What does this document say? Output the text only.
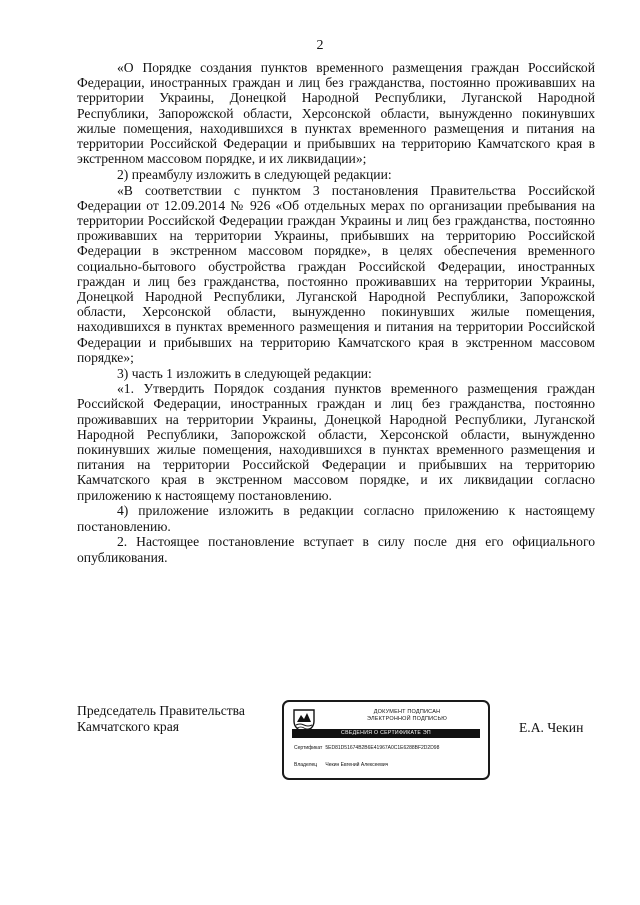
2

«О Порядке создания пунктов временного размещения граждан Российской Федерации, иностранных граждан и лиц без гражданства, постоянно проживавших на территории Украины, Донецкой Народной Республики, Луганской Народной Республики, Запорожской области, Херсонской области, вынужденно покинувших жилые помещения, находившихся в пунктах временного размещения и питания на территории Российской Федерации и прибывших на территорию Камчатского края в экстренном массовом порядке, и их ликвидации»;

2) преамбулу изложить в следующей редакции:

«В соответствии с пунктом 3 постановления Правительства Российской Федерации от 12.09.2014 № 926 «Об отдельных мерах по организации пребывания на территории Российской Федерации граждан Украины и лиц без гражданства, постоянно проживавших на территории Украины, прибывших на территорию Российской Федерации в экстренном массовом порядке», в целях обеспечения временного социально-бытового обустройства граждан Российской Федерации, иностранных граждан и лиц без гражданства, постоянно проживавших на территории Украины, Донецкой Народной Республики, Луганской Народной Республики, Запорожской области, Херсонской области, вынужденно покинувших жилые помещения, находившихся в пунктах временного размещения и питания на территории Российской Федерации и прибывших на территорию Камчатского края в экстренном массовом порядке»;

3) часть 1 изложить в следующей редакции:

«1. Утвердить Порядок создания пунктов временного размещения граждан Российской Федерации, иностранных граждан и лиц без гражданства, постоянно проживавших на территории Украины, Донецкой Народной Республики, Луганской Народной Республики, Запорожской области, Херсонской области, вынужденно покинувших жилые помещения, находившихся в пунктах временного размещения и питания на территории Российской Федерации и прибывших на территорию Камчатского края в экстренном массовом порядке, и их ликвидации согласно приложению к настоящему постановлению.

4) приложение изложить в редакции согласно приложению к настоящему постановлению.

2. Настоящее постановление вступает в силу после дня его официального опубликования.

Председатель Правительства
Камчатского края
ДОКУМЕНТ ПОДПИСАН
ЭЛЕКТРОННОЙ ПОДПИСЬЮ
СВЕДЕНИЯ О СЕРТИФИКАТЕ ЭП
Сертификат 5ED81D51674B2B6E41967A0C1E6288BF2D2D98
Владелец Чекин Евгений Алексеевич
Е.А. Чекин
